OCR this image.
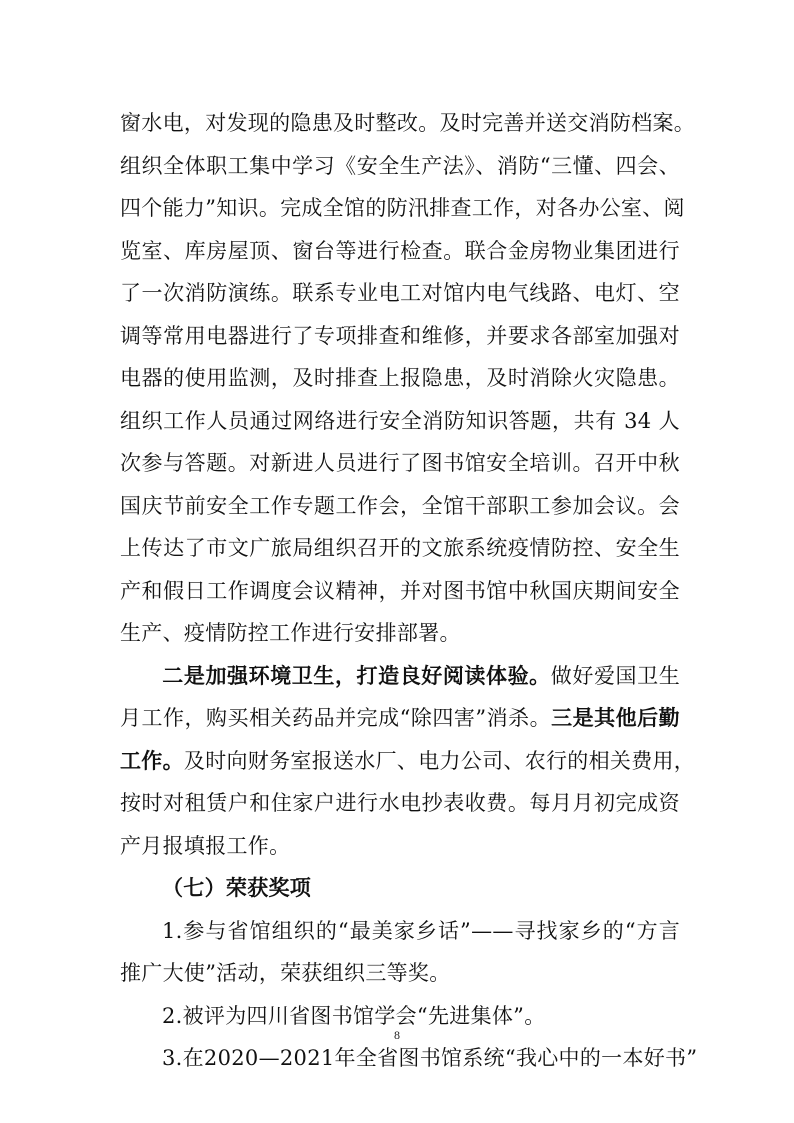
窗水电，对发现的隐患及时整改。及时完善并送交消防档案。
组织全体职工集中学习《安全生产法》、消防“三懂、四会、
四个能力”知识。完成全馆的防汛排查工作，对各办公室、阅
览室、库房屋顶、窗台等进行检查。联合金房物业集团进行
了一次消防演练。联系专业电工对馆内电气线路、电灯、空
调等常用电器进行了专项排查和维修，并要求各部室加强对
电器的使用监测，及时排查上报隐患，及时消除火灾隐患。
组织工作人员通过网络进行安全消防知识答题，共有 34 人
次参与答题。对新进人员进行了图书馆安全培训。召开中秋
国庆节前安全工作专题工作会，全馆干部职工参加会议。会
上传达了市文广旅局组织召开的文旅系统疫情防控、安全生
产和假日工作调度会议精神，并对图书馆中秋国庆期间安全
生产、疫情防控工作进行安排部署。
二是加强环境卫生，打造良好阅读体验。做好爱国卫生
月工作，购买相关药品并完成“除四害”消杀。三是其他后勤
工作。及时向财务室报送水厂、电力公司、农行的相关费用，
按时对租赁户和住家户进行水电抄表收费。每月月初完成资
产月报填报工作。
（七）荣获奖项
1.参与省馆组织的“最美家乡话”——寻找家乡的“方言
推广大使”活动，荣获组织三等奖。
2.被评为四川省图书馆学会“先进集体”。
3.在2020—2021年全省图书馆系统“我心中的一本好书”
8
